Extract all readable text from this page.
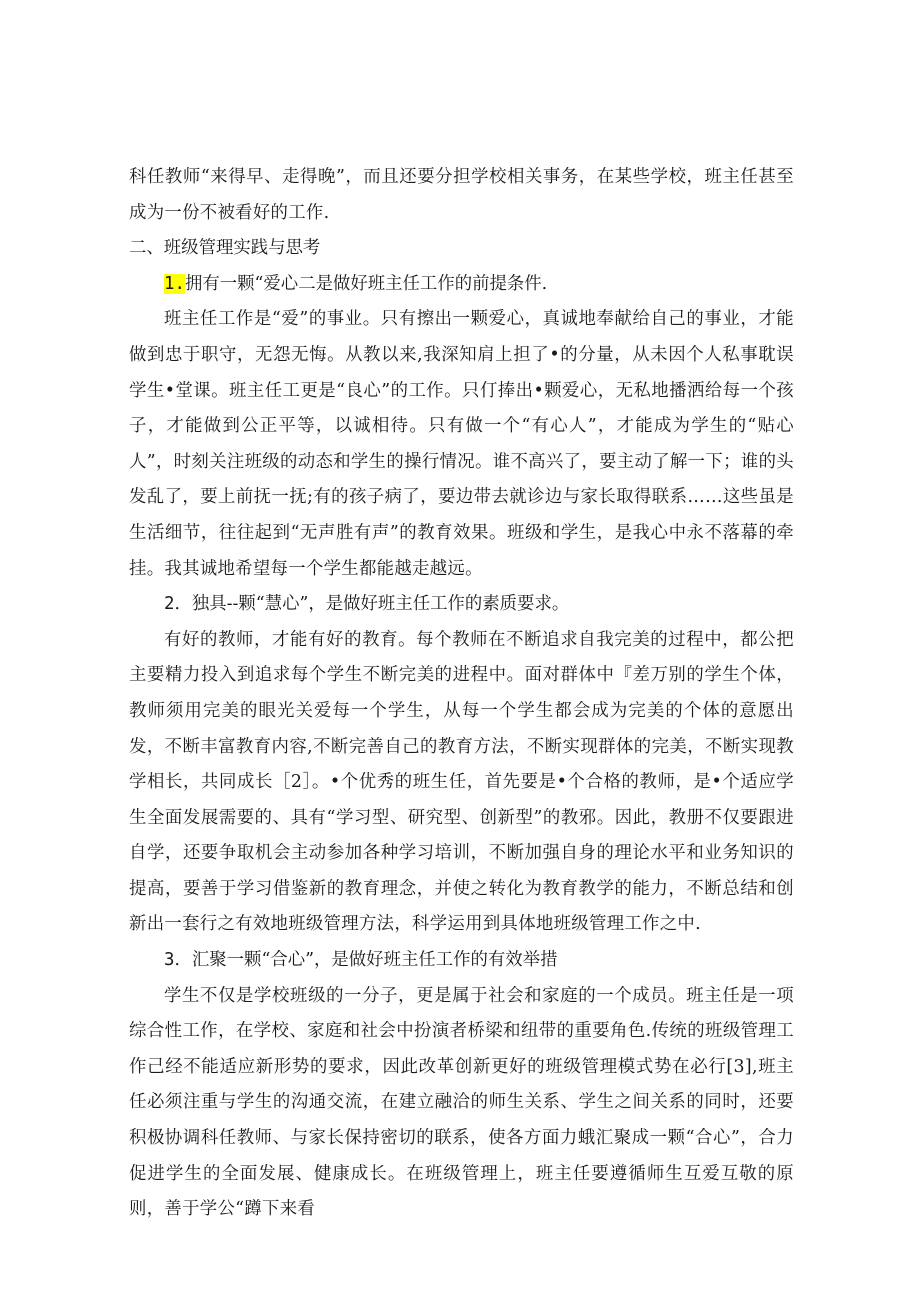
科任教师“来得早、走得晚”，而且还要分担学校相关事务，在某些学校，班主任甚至成为一份不被看好的工作.

二、班级管理实践与思考

1.拥有一颗“爱心二是做好班主任工作的前提条件.

班主任工作是“爱”的事业。只有擦出一颗爱心，真诚地奉献给自己的事业，才能做到忠于职守，无怨无悔。从教以来,我深知肩上担了•的分量，从未因个人私事耽误学生•堂课。班主任工更是“良心”的工作。只仃捧出•颗爱心，无私地播洒给每一个孩子，才能做到公正平等，以诚相待。只有做一个“有心人”，才能成为学生的“贴心人”，时刻关注班级的动态和学生的操行情况。谁不高兴了，要主动了解一下；谁的头发乱了，要上前抚一抚;有的孩子病了，要边带去就诊边与家长取得联系……这些虽是生活细节，往往起到“无声胜有声”的教育效果。班级和学生，是我心中永不落幕的牵挂。我其诚地希望每一个学生都能越走越远。

2．独具--颗“慧心”，是做好班主任工作的素质要求。

有好的教师，才能有好的教育。每个教师在不断追求自我完美的过程中，都公把主要精力投入到追求每个学生不断完美的进程中。面对群体中『差万别的学生个体，教师须用完美的眼光关爱每一个学生，从每一个学生都会成为完美的个体的意愿出发，不断丰富教育内容,不断完善自己的教育方法，不断实现群体的完美，不断实现教学相长，共同成长［2］。•个优秀的班生任，首先要是•个合格的教师，是•个适应学生全面发展需要的、具有“学习型、研究型、创新型”的教邪。因此，教册不仅要跟进自学，还要争取机会主动参加各种学习培训，不断加强自身的理论水平和业务知识的提高，要善于学习借鉴新的教育理念，并使之转化为教育教学的能力，不断总结和创新出一套行之有效地班级管理方法，科学运用到具体地班级管理工作之中.

3．汇聚一颗“合心”，是做好班主任工作的有效举措

学生不仅是学校班级的一分子，更是属于社会和家庭的一个成员。班主任是一项综合性工作，在学校、家庭和社会中扮演者桥梁和纽带的重要角色.传统的班级管理工作己经不能适应新形势的要求，因此改革创新更好的班级管理模式势在必行[3],班主任必须注重与学生的沟通交流，在建立融洽的师生关系、学生之间关系的同时，还要积极协调科任教师、与家长保持密切的联系，使各方面力蛾汇聚成一颗“合心”，合力促进学生的全面发展、健康成长。在班级管理上，班主任要遵循师生互爱互敬的原则，善于学公“蹲下来看
